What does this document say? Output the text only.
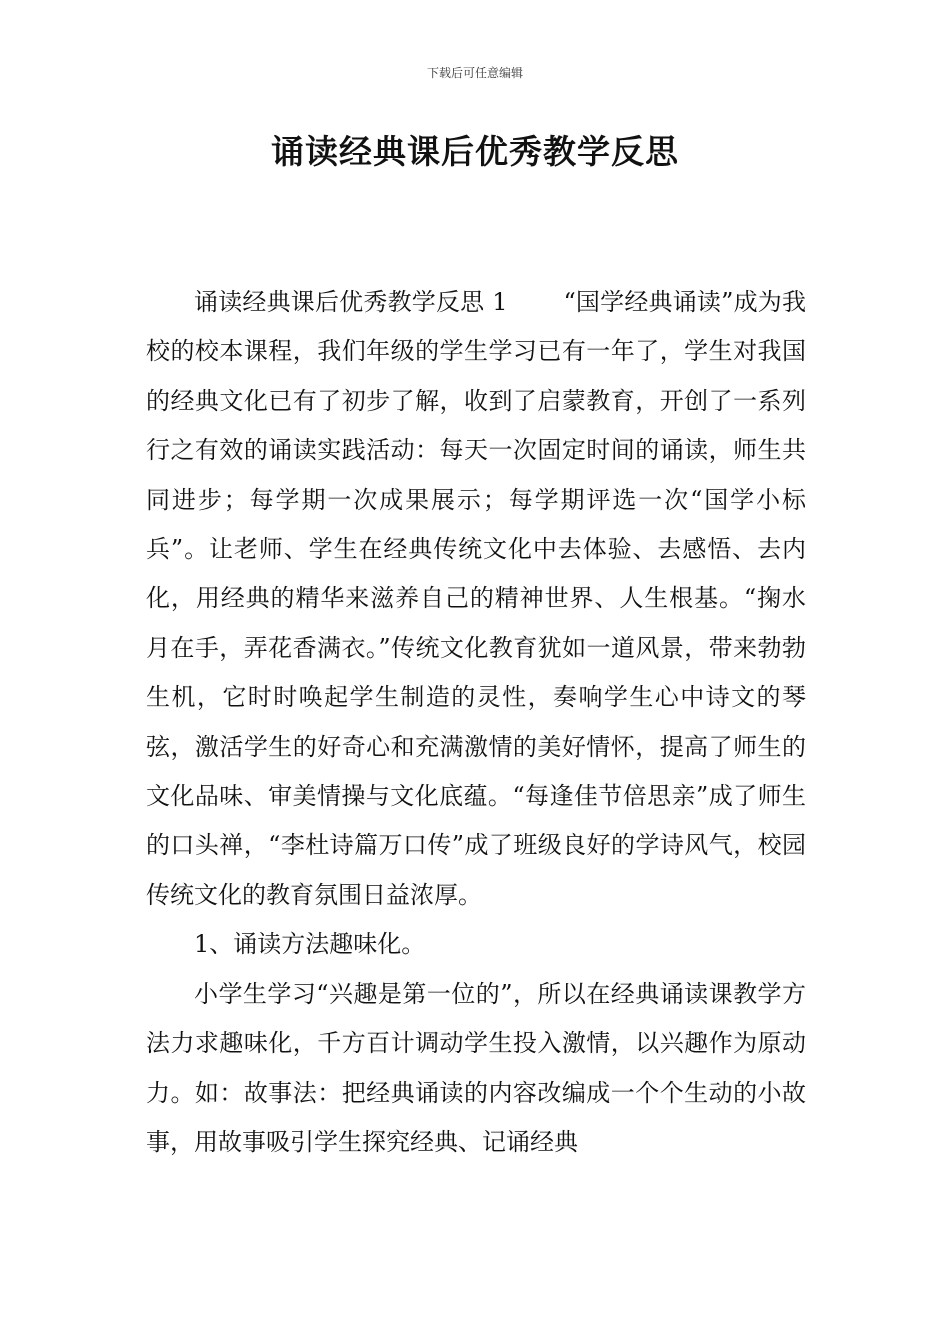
下载后可任意编辑
诵读经典课后优秀教学反思

诵读经典课后优秀教学反思 1 “国学经典诵读”成为我校的校本课程，我们年级的学生学习已有一年了，学生对我国的经典文化已有了初步了解，收到了启蒙教育，开创了一系列行之有效的诵读实践活动：每天一次固定时间的诵读，师生共同进步；每学期一次成果展示；每学期评选一次“国学小标兵”。让老师、学生在经典传统文化中去体验、去感悟、去内化，用经典的精华来滋养自己的精神世界、人生根基。“掬水月在手，弄花香满衣。”传统文化教育犹如一道风景，带来勃勃生机，它时时唤起学生制造的灵性，奏响学生心中诗文的琴弦，激活学生的好奇心和充满激情的美好情怀，提高了师生的文化品味、审美情操与文化底蕴。“每逢佳节倍思亲”成了师生的口头禅，“李杜诗篇万口传”成了班级良好的学诗风气，校园传统文化的教育氛围日益浓厚。

1、诵读方法趣味化。

小学生学习“兴趣是第一位的”，所以在经典诵读课教学方法力求趣味化，千方百计调动学生投入激情，以兴趣作为原动力。如：故事法：把经典诵读的内容改编成一个个生动的小故事，用故事吸引学生探究经典、记诵经典
